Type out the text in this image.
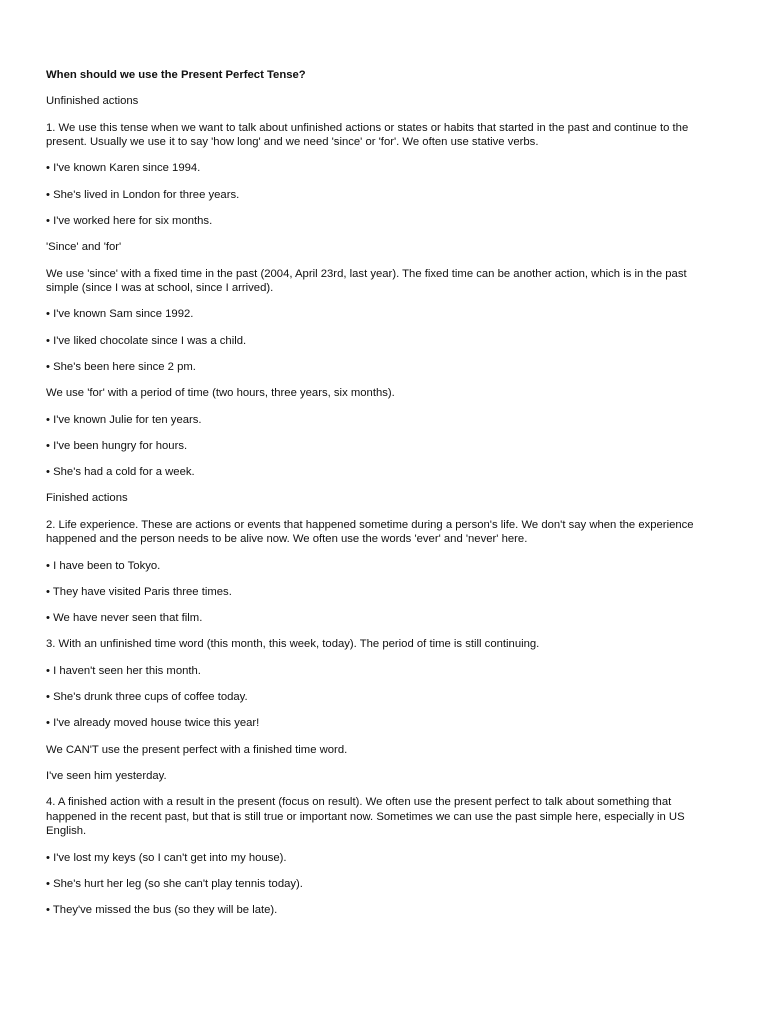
When should we use the Present Perfect Tense?

Unfinished actions

1. We use this tense when we want to talk about unfinished actions or states or habits that started in the past and continue to the present. Usually we use it to say 'how long' and we need 'since' or 'for'. We often use stative verbs.

• I've known Karen since 1994.

• She's lived in London for three years.

• I've worked here for six months.

'Since' and 'for'

We use 'since' with a fixed time in the past (2004, April 23rd, last year). The fixed time can be another action, which is in the past simple (since I was at school, since I arrived).

• I've known Sam since 1992.

• I've liked chocolate since I was a child.

• She's been here since 2 pm.

We use 'for' with a period of time (two hours, three years, six months).

• I've known Julie for ten years.

• I've been hungry for hours.

• She's had a cold for a week.

Finished actions

2. Life experience. These are actions or events that happened sometime during a person's life. We don't say when the experience happened and the person needs to be alive now. We often use the words 'ever' and 'never' here.

• I have been to Tokyo.

• They have visited Paris three times.

• We have never seen that film.

3. With an unfinished time word (this month, this week, today). The period of time is still continuing.

• I haven't seen her this month.

• She's drunk three cups of coffee today.

• I've already moved house twice this year!

We CAN'T use the present perfect with a finished time word.

I've seen him yesterday.

4. A finished action with a result in the present (focus on result). We often use the present perfect to talk about something that happened in the recent past, but that is still true or important now. Sometimes we can use the past simple here, especially in US English.

• I've lost my keys (so I can't get into my house).

• She's hurt her leg (so she can't play tennis today).

• They've missed the bus (so they will be late).
